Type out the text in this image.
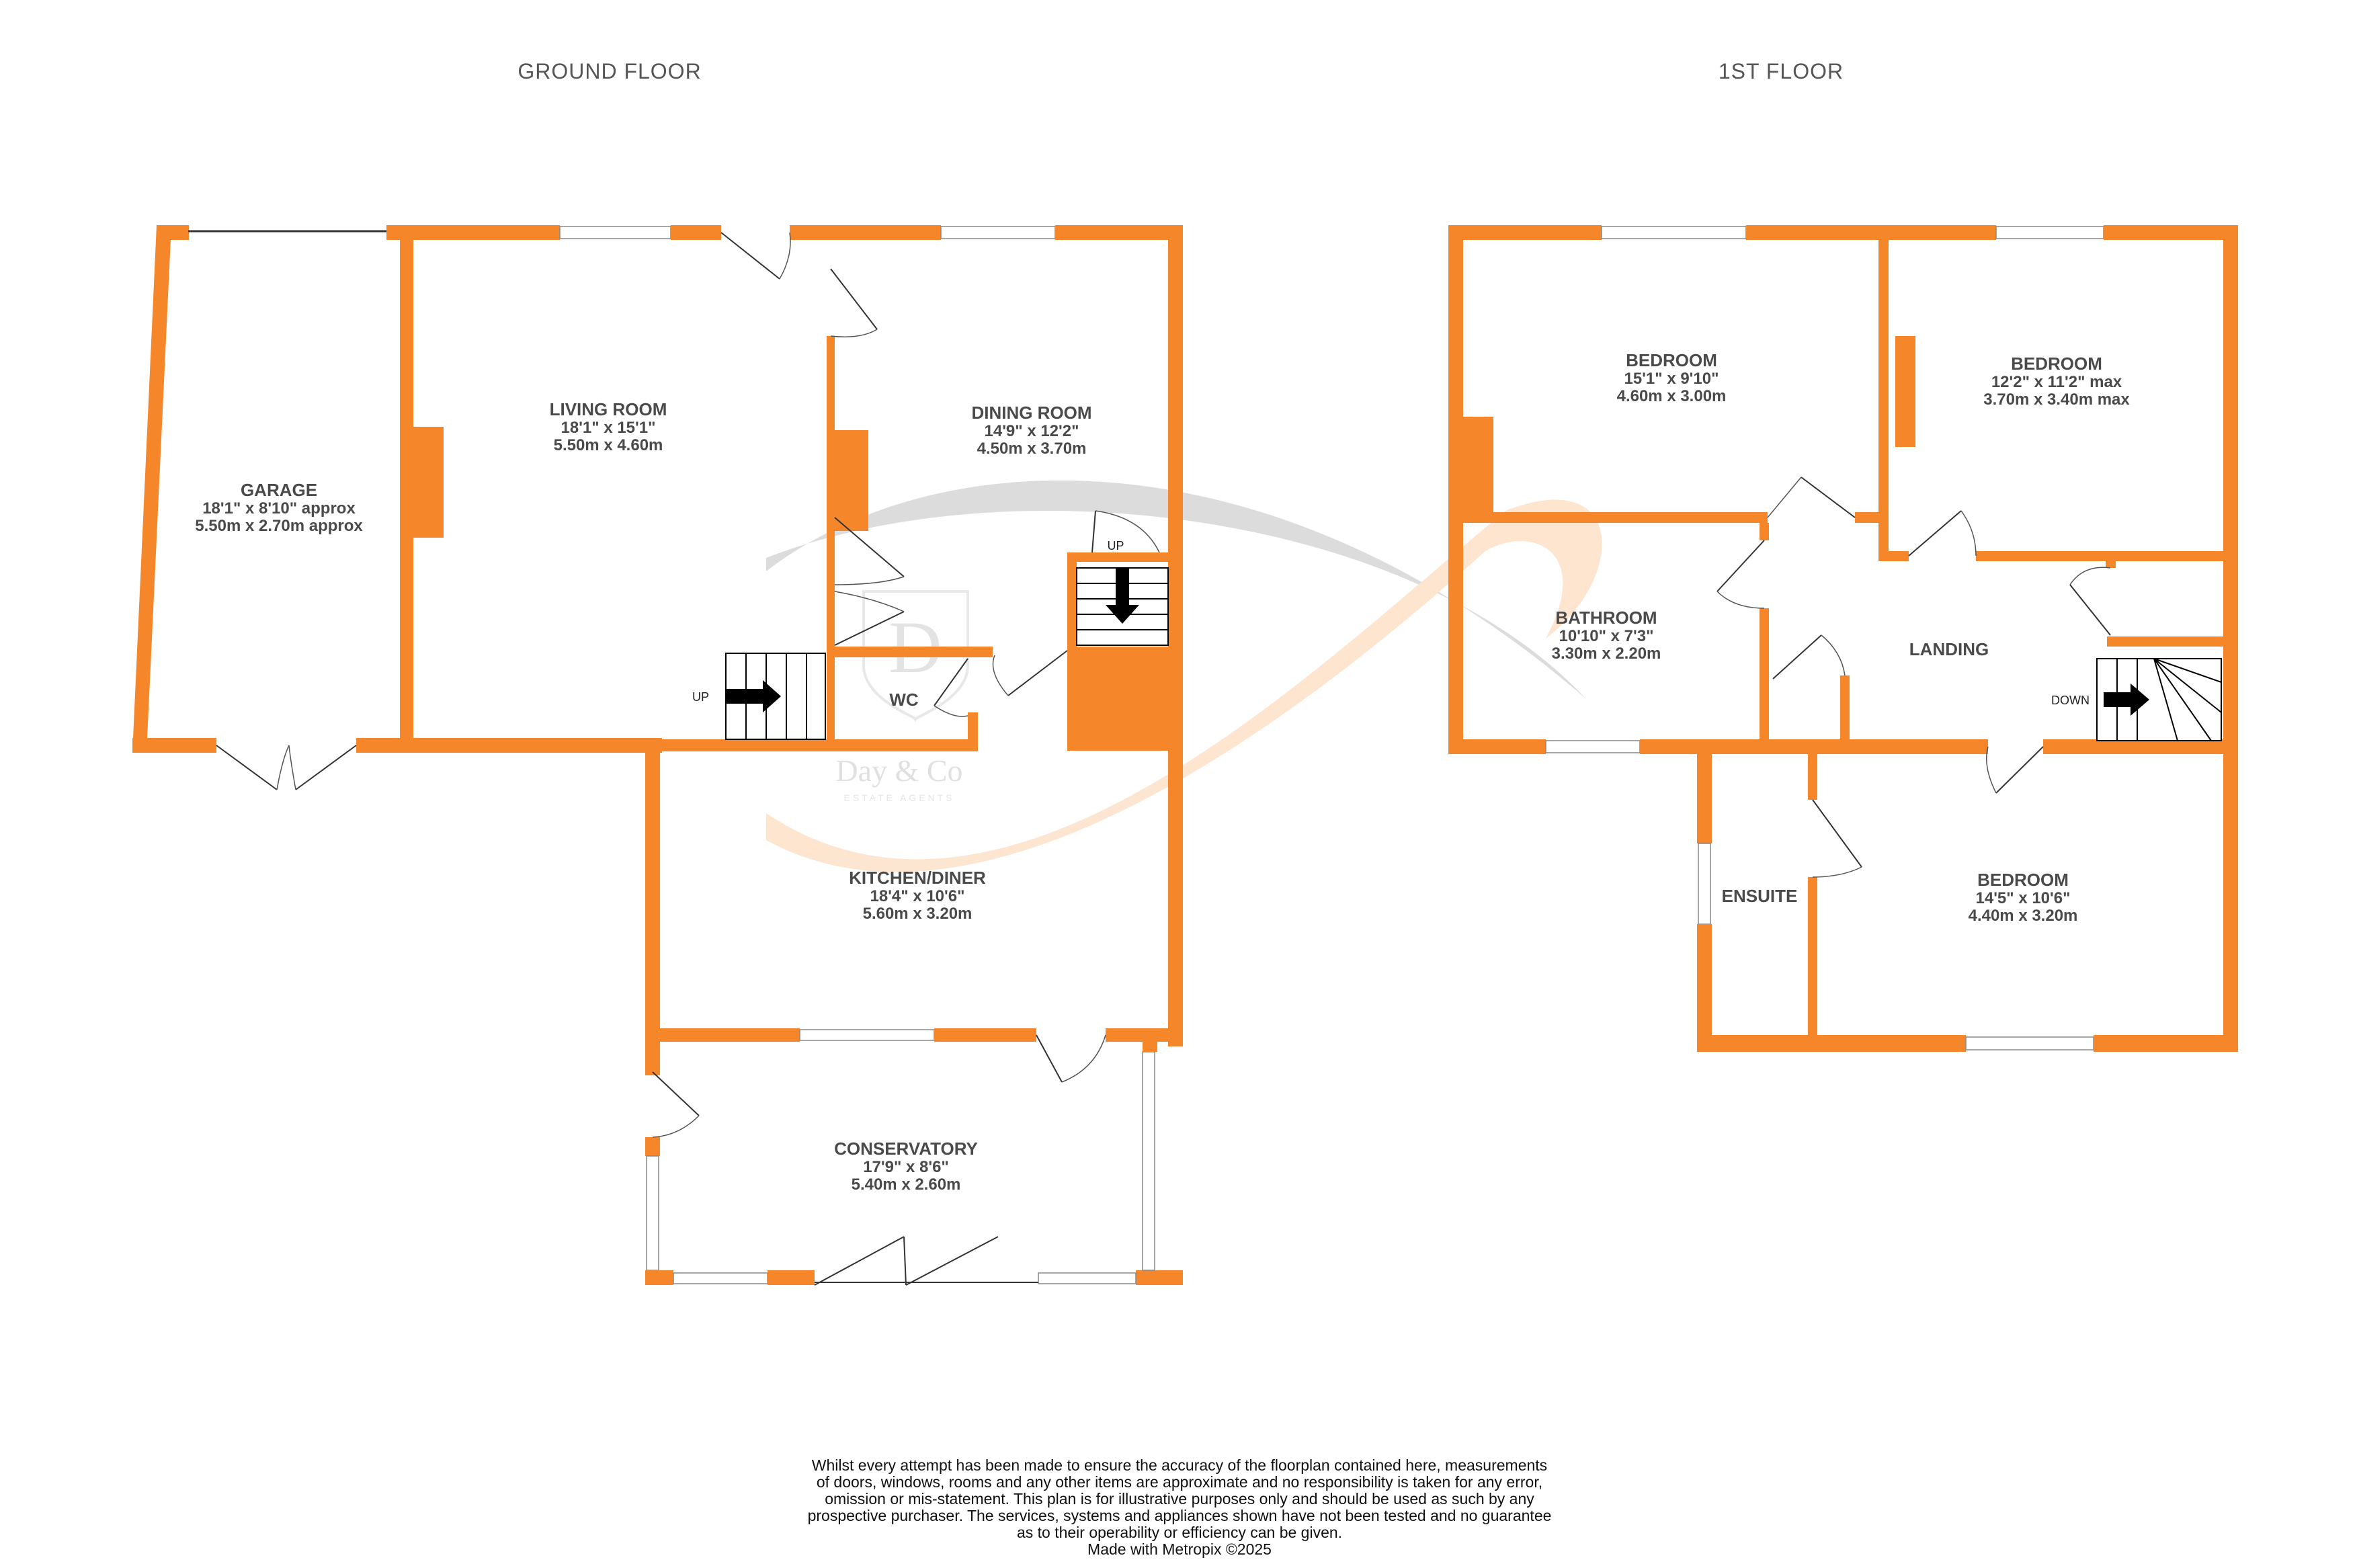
Day & Co
ESTATE AGENTS
GROUND FLOOR	1ST FLOOR
UP
UP
DOWN
GARAGE
18'1" x 8'10" approx
5.50m x 2.70m approx
LIVING ROOM
18'1" x 15'1"
5.50m x 4.60m
DINING ROOM
14'9" x 12'2"
4.50m x 3.70m
WC
KITCHEN/DINER
18'4" x 10'6"
5.60m x 3.20m
CONSERVATORY
17'9" x 8'6"
5.40m x 2.60m
BEDROOM
15'1" x 9'10"
4.60m x 3.00m
BEDROOM
12'2" x 11'2" max
3.70m x 3.40m max
BATHROOM
10'10" x 7'3"
3.30m x 2.20m	LANDING
ENSUITE
BEDROOM
14'5" x 10'6"
4.40m x 3.20m
Whilst every attempt has been made to ensure the accuracy of the floorplan contained here, measurements
of doors, windows, rooms and any other items are approximate and no responsibility is taken for any error,
omission or mis-statement. This plan is for illustrative purposes only and should be used as such by any
prospective purchaser. The services, systems and appliances shown have not been tested and no guarantee
as to their operability or efficiency can be given.
Made with Metropix ©2025
